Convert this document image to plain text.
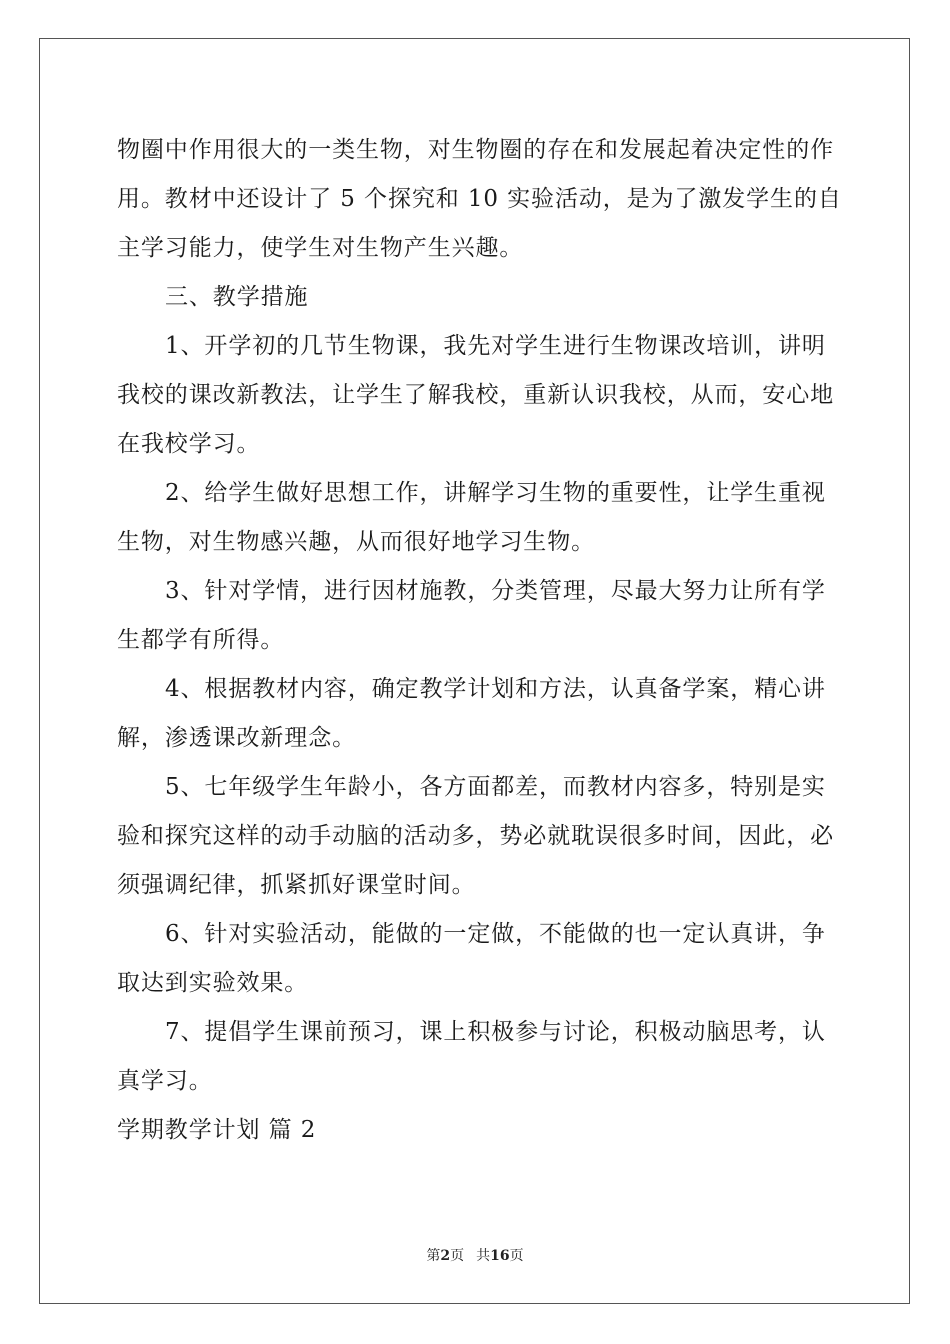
物圈中作用很大的一类生物，对生物圈的存在和发展起着决定性的作
用。教材中还设计了 5 个探究和 10 实验活动，是为了激发学生的自
主学习能力，使学生对生物产生兴趣。
三、教学措施
1、开学初的几节生物课，我先对学生进行生物课改培训，讲明
我校的课改新教法，让学生了解我校，重新认识我校，从而，安心地
在我校学习。
2、给学生做好思想工作，讲解学习生物的重要性，让学生重视
生物，对生物感兴趣，从而很好地学习生物。
3、针对学情，进行因材施教，分类管理，尽最大努力让所有学
生都学有所得。
4、根据教材内容，确定教学计划和方法，认真备学案，精心讲
解，渗透课改新理念。
5、七年级学生年龄小，各方面都差，而教材内容多，特别是实
验和探究这样的动手动脑的活动多，势必就耽误很多时间，因此，必
须强调纪律，抓紧抓好课堂时间。
6、针对实验活动，能做的一定做，不能做的也一定认真讲，争
取达到实验效果。
7、提倡学生课前预习，课上积极参与讨论，积极动脑思考，认
真学习。
学期教学计划 篇 2
第2页 共16页
